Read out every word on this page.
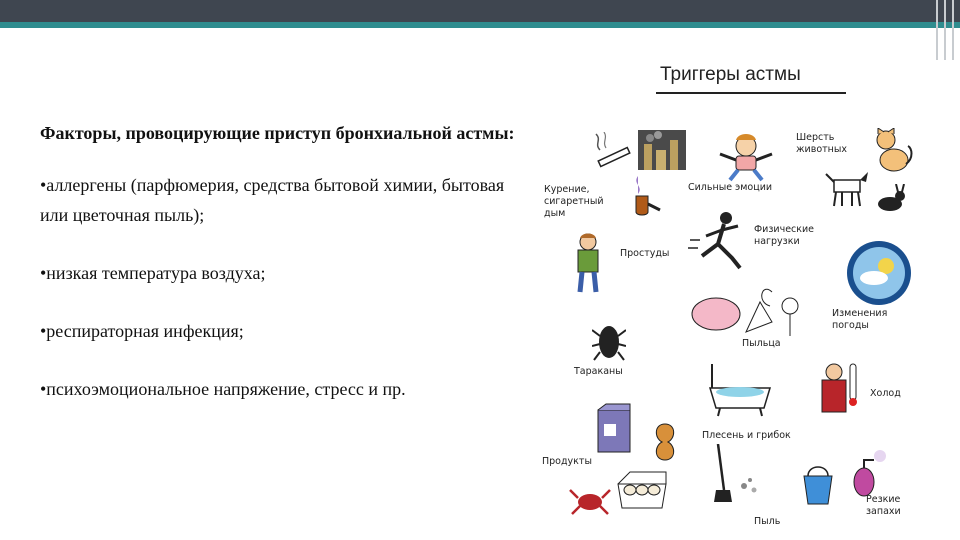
Факторы, провоцирующие приступ бронхиальной астмы:
•аллергены (парфюмерия, средства бытовой химии, бытовая или цветочная пыль);
•низкая температура воздуха;
•респираторная инфекция;
•психоэмоциональное напряжение, стресс и пр.
Триггеры астмы
Курение, сигаретный дым
Сильные эмоции
Шерсть животных
Простуды
Физические нагрузки
Изменения погоды
Пыльца
Тараканы
Холод
Плесень и грибок
Продукты
Пыль
Резкие запахи
